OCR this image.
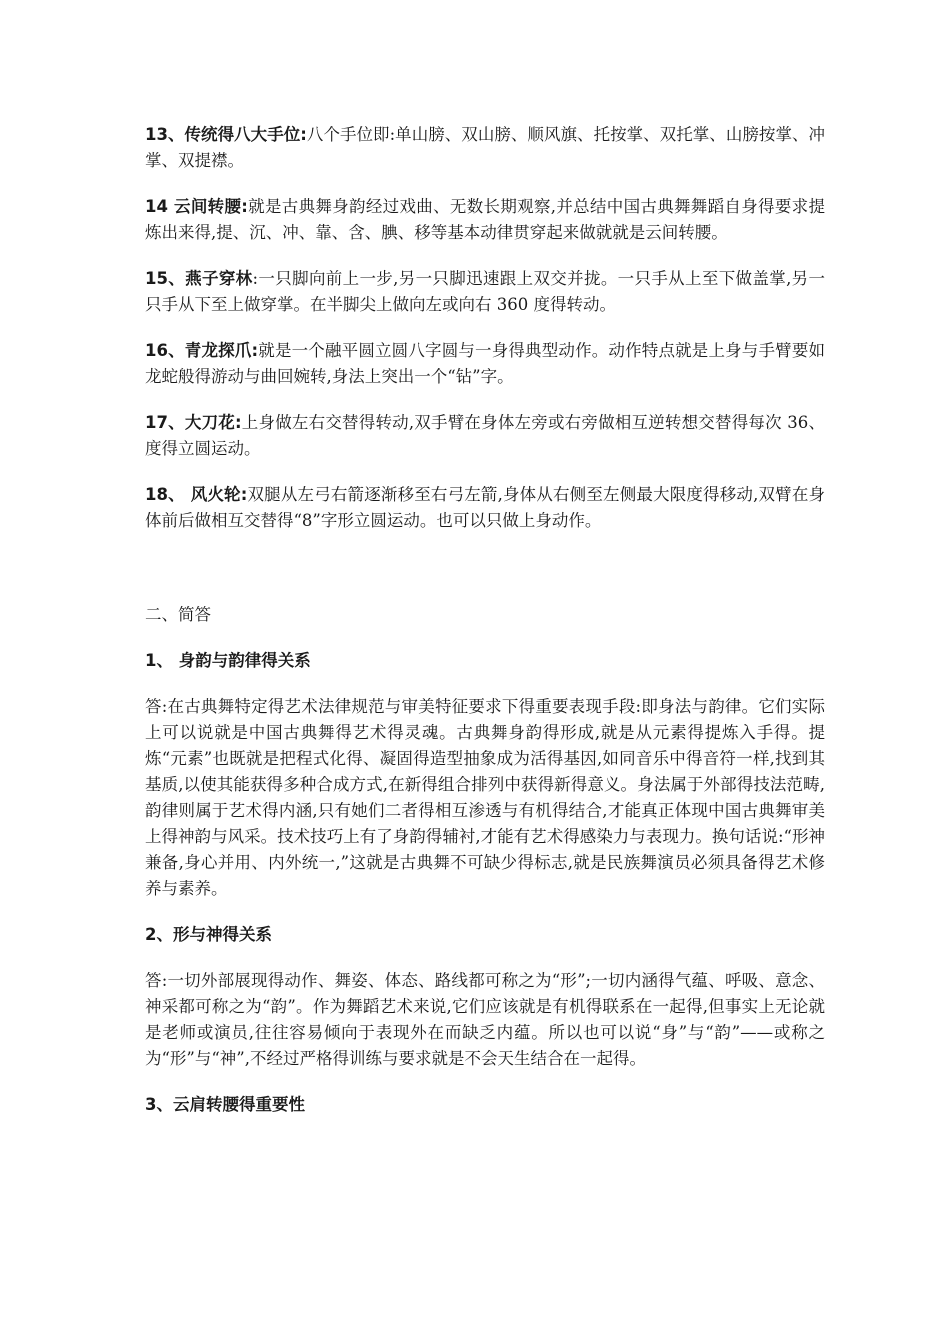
13、传统得八大手位:八个手位即:单山膀、双山膀、顺风旗、托按掌、双托掌、山膀按掌、冲掌、双提襟。

14 云间转腰:就是古典舞身韵经过戏曲、无数长期观察,并总结中国古典舞舞蹈自身得要求提炼出来得,提、沉、冲、靠、含、腆、移等基本动律贯穿起来做就就是云间转腰。

15、燕子穿林:一只脚向前上一步,另一只脚迅速跟上双交并拢。一只手从上至下做盖掌,另一只手从下至上做穿掌。在半脚尖上做向左或向右 360 度得转动。

16、青龙探爪:就是一个融平圆立圆八字圆与一身得典型动作。动作特点就是上身与手臂要如龙蛇般得游动与曲回婉转,身法上突出一个“钻”字。

17、大刀花:上身做左右交替得转动,双手臂在身体左旁或右旁做相互逆转想交替得每次 36、度得立圆运动。

18、 风火轮:双腿从左弓右箭逐渐移至右弓左箭,身体从右侧至左侧最大限度得移动,双臂在身体前后做相互交替得“8”字形立圆运动。也可以只做上身动作。

二、简答

1、 身韵与韵律得关系

答:在古典舞特定得艺术法律规范与审美特征要求下得重要表现手段:即身法与韵律。它们实际上可以说就是中国古典舞得艺术得灵魂。古典舞身韵得形成,就是从元素得提炼入手得。提炼“元素”也既就是把程式化得、凝固得造型抽象成为活得基因,如同音乐中得音符一样,找到其基质,以使其能获得多种合成方式,在新得组合排列中获得新得意义。身法属于外部得技法范畴,韵律则属于艺术得内涵,只有她们二者得相互渗透与有机得结合,才能真正体现中国古典舞审美上得神韵与风采。技术技巧上有了身韵得辅衬,才能有艺术得感染力与表现力。换句话说:“形神兼备,身心并用、内外统一,”这就是古典舞不可缺少得标志,就是民族舞演员必须具备得艺术修养与素养。

2、形与神得关系

答:一切外部展现得动作、舞姿、体态、路线都可称之为“形”;一切内涵得气蕴、呼吸、意念、神采都可称之为“韵”。作为舞蹈艺术来说,它们应该就是有机得联系在一起得,但事实上无论就是老师或演员,往往容易倾向于表现外在而缺乏内蕴。所以也可以说“身”与“韵”——或称之为“形”与“神”,不经过严格得训练与要求就是不会天生结合在一起得。

3、云肩转腰得重要性
